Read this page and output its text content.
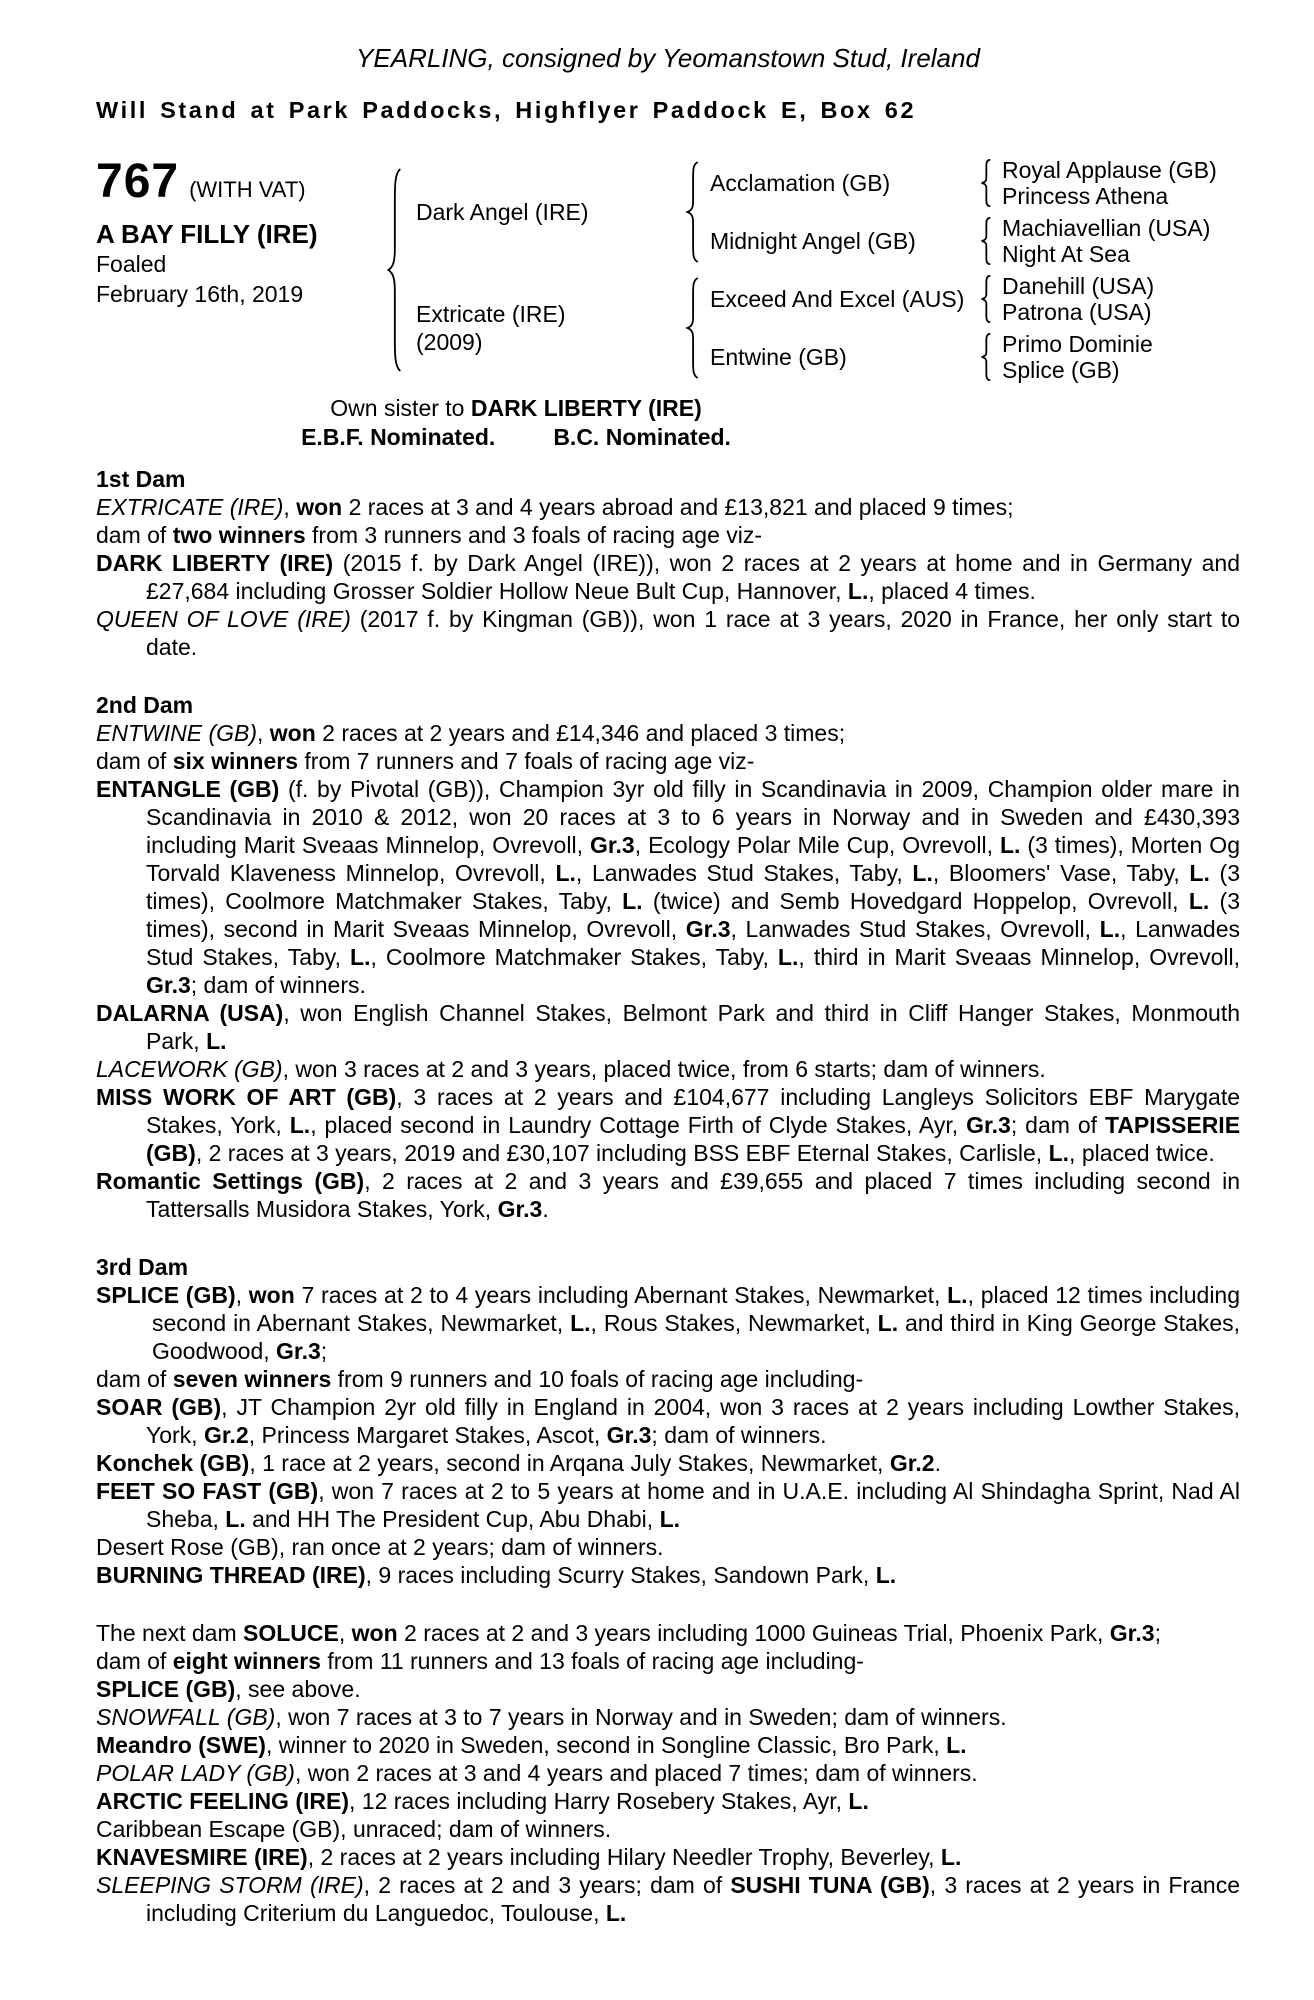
YEARLING, consigned by Yeomanstown Stud, Ireland

Will Stand at Park Paddocks, Highflyer Paddock E, Box 62

767 (WITH VAT)
A BAY FILLY (IRE)
Foaled
February 16th, 2019
Dark Angel (IRE)
Extricate (IRE)
(2009)
Acclamation (GB)
Midnight Angel (GB)
Exceed And Excel (AUS)
Entwine (GB)
Royal Applause (GB)
Princess Athena
Machiavellian (USA)
Night At Sea
Danehill (USA)
Patrona (USA)
Primo Dominie
Splice (GB)

Own sister to DARK LIBERTY (IRE)

E.B.F. Nominated.	B.C. Nominated.
1st Dam

EXTRICATE (IRE), won 2 races at 3 and 4 years abroad and £13,821 and placed 9 times;

dam of two winners from 3 runners and 3 foals of racing age viz-

DARK LIBERTY (IRE) (2015 f. by Dark Angel (IRE)), won 2 races at 2 years at home and in Germany and £27,684 including Grosser Soldier Hollow Neue Bult Cup, Hannover, L., placed 4 times.

QUEEN OF LOVE (IRE) (2017 f. by Kingman (GB)), won 1 race at 3 years, 2020 in France, her only start to date.

2nd Dam

ENTWINE (GB), won 2 races at 2 years and £14,346 and placed 3 times;

dam of six winners from 7 runners and 7 foals of racing age viz-

ENTANGLE (GB) (f. by Pivotal (GB)), Champion 3yr old filly in Scandinavia in 2009, Champion older mare in Scandinavia in 2010 & 2012, won 20 races at 3 to 6 years in Norway and in Sweden and £430,393 including Marit Sveaas Minnelop, Ovrevoll, Gr.3, Ecology Polar Mile Cup, Ovrevoll, L. (3 times), Morten Og Torvald Klaveness Minnelop, Ovrevoll, L., Lanwades Stud Stakes, Taby, L., Bloomers' Vase, Taby, L. (3 times), Coolmore Matchmaker Stakes, Taby, L. (twice) and Semb Hovedgard Hoppelop, Ovrevoll, L. (3 times), second in Marit Sveaas Minnelop, Ovrevoll, Gr.3, Lanwades Stud Stakes, Ovrevoll, L., Lanwades Stud Stakes, Taby, L., Coolmore Matchmaker Stakes, Taby, L., third in Marit Sveaas Minnelop, Ovrevoll, Gr.3; dam of winners.

DALARNA (USA), won English Channel Stakes, Belmont Park and third in Cliff Hanger Stakes, Monmouth Park, L.

LACEWORK (GB), won 3 races at 2 and 3 years, placed twice, from 6 starts; dam of winners.

MISS WORK OF ART (GB), 3 races at 2 years and £104,677 including Langleys Solicitors EBF Marygate Stakes, York, L., placed second in Laundry Cottage Firth of Clyde Stakes, Ayr, Gr.3; dam of TAPISSERIE (GB), 2 races at 3 years, 2019 and £30,107 including BSS EBF Eternal Stakes, Carlisle, L., placed twice.

Romantic Settings (GB), 2 races at 2 and 3 years and £39,655 and placed 7 times including second in Tattersalls Musidora Stakes, York, Gr.3.

3rd Dam

SPLICE (GB), won 7 races at 2 to 4 years including Abernant Stakes, Newmarket, L., placed 12 times including second in Abernant Stakes, Newmarket, L., Rous Stakes, Newmarket, L. and third in King George Stakes, Goodwood, Gr.3;

dam of seven winners from 9 runners and 10 foals of racing age including-

SOAR (GB), JT Champion 2yr old filly in England in 2004, won 3 races at 2 years including Lowther Stakes, York, Gr.2, Princess Margaret Stakes, Ascot, Gr.3; dam of winners.

Konchek (GB), 1 race at 2 years, second in Arqana July Stakes, Newmarket, Gr.2.

FEET SO FAST (GB), won 7 races at 2 to 5 years at home and in U.A.E. including Al Shindagha Sprint, Nad Al Sheba, L. and HH The President Cup, Abu Dhabi, L.

Desert Rose (GB), ran once at 2 years; dam of winners.

BURNING THREAD (IRE), 9 races including Scurry Stakes, Sandown Park, L.

The next dam SOLUCE, won 2 races at 2 and 3 years including 1000 Guineas Trial, Phoenix Park, Gr.3;

dam of eight winners from 11 runners and 13 foals of racing age including-

SPLICE (GB), see above.

SNOWFALL (GB), won 7 races at 3 to 7 years in Norway and in Sweden; dam of winners.

Meandro (SWE), winner to 2020 in Sweden, second in Songline Classic, Bro Park, L.

POLAR LADY (GB), won 2 races at 3 and 4 years and placed 7 times; dam of winners.

ARCTIC FEELING (IRE), 12 races including Harry Rosebery Stakes, Ayr, L.

Caribbean Escape (GB), unraced; dam of winners.

KNAVESMIRE (IRE), 2 races at 2 years including Hilary Needler Trophy, Beverley, L.

SLEEPING STORM (IRE), 2 races at 2 and 3 years; dam of SUSHI TUNA (GB), 3 races at 2 years in France including Criterium du Languedoc, Toulouse, L.
